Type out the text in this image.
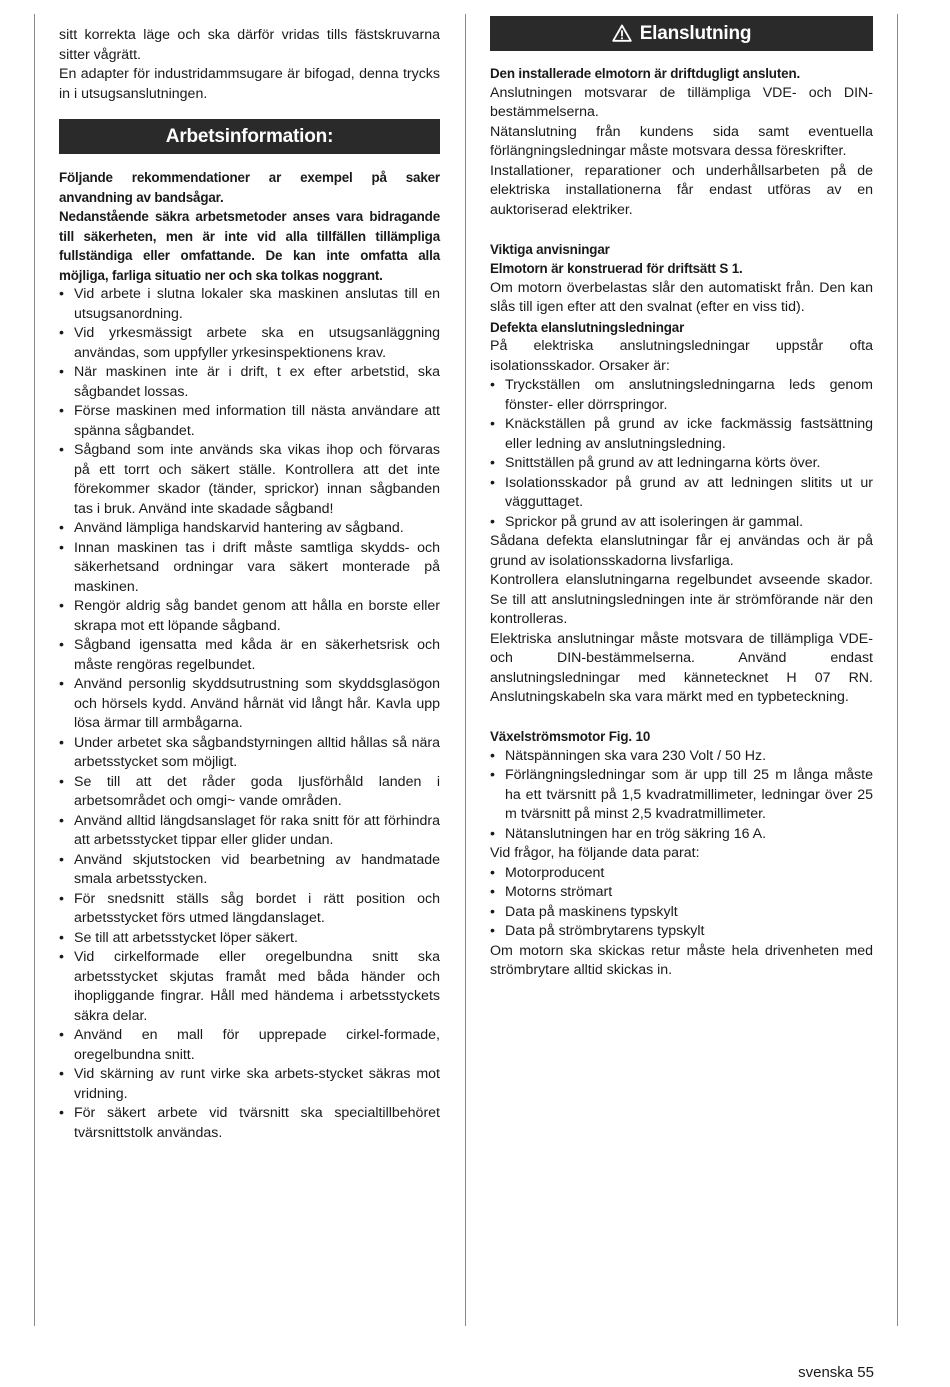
sitt korrekta läge och ska därför vridas tills fästskruvarna sitter vågrätt.

En adapter för industridammsugare är bifogad, denna trycks in i utsugsanslutningen.

Arbetsinformation:

Följande rekommendationer ar exempel på saker anvandning av bandsågar.

Nedanstående säkra arbetsmetoder anses vara bidragande till säkerheten, men är inte vid alla tillfällen tillämpliga fullständiga eller omfattande. De kan inte omfatta alla möjliga, farliga situatio ner och ska tolkas noggrant.

• Vid arbete i slutna lokaler ska maskinen anslutas till en utsugsanordning.
• Vid yrkesmässigt arbete ska en utsugsanläggning användas, som uppfyller yrkesinspektionens krav.
• När maskinen inte är i drift, t ex efter arbetstid, ska sågbandet lossas.
• Förse maskinen med information till nästa användare att spänna sågbandet.
• Sågband som inte används ska vikas ihop och förvaras på ett torrt och säkert ställe. Kontrollera att det inte förekommer skador (tänder, sprickor) innan sågbanden tas i bruk. Använd inte skadade sågband!
• Använd lämpliga handskarvid hantering av sågband.
• Innan maskinen tas i drift måste samtliga skydds- och säkerhetsand ordningar vara säkert monterade på maskinen.
• Rengör aldrig såg bandet genom att hålla en borste eller skrapa mot ett löpande sågband.
• Sågband igensatta med kåda är en säkerhetsrisk och måste rengöras regelbundet.
• Använd personlig skyddsutrustning som skyddsglasögon och hörsels kydd. Använd hårnät vid långt hår. Kavla upp lösa ärmar till armbågarna.
• Under arbetet ska sågbandstyrningen alltid hållas så nära arbetsstycket som möjligt.
• Se till att det råder goda Ijusförhåld landen i arbetsområdet och omgi~ vande områden.
• Använd alltid längdsanslaget för raka snitt för att förhindra att arbetsstycket tippar eller glider undan.
• Använd skjutstocken vid bearbetning av handmatade smala arbetsstycken.
• För snedsnitt ställs såg bordet i rätt position och arbetsstycket förs utmed längdanslaget.
• Se till att arbetsstycket löper säkert.
• Vid cirkelformade eller oregelbundna snitt ska arbetsstycket skjutas framåt med båda händer och ihopliggande fingrar. Håll med händema i arbetsstyckets säkra delar.
• Använd en mall för upprepade cirkel-formade, oregelbundna snitt.
• Vid skärning av runt virke ska arbets-stycket säkras mot vridning.
• För säkert arbete vid tvärsnitt ska specialtillbehöret tvärsnittstolk användas.
Elanslutning

Den installerade elmotorn är driftdugligt ansluten.

Anslutningen motsvarar de tillämpliga VDE- och DIN-bestämmelserna.

Nätanslutning från kundens sida samt eventuella förlängningsledningar måste motsvara dessa föreskrifter.

Installationer, reparationer och underhållsarbeten på de elektriska installationerna får endast utföras av en auktoriserad elektriker.

Viktiga anvisningar

Elmotorn är konstruerad för driftsätt S 1.

Om motorn överbelastas slår den automatiskt från. Den kan slås till igen efter att den svalnat (efter en viss tid).

Defekta elanslutningsledningar

På elektriska anslutningsledningar uppstår ofta isolationsskador. Orsaker är:

• Tryckställen om anslutningsledningarna leds genom fönster- eller dörrspringor.
• Knäckställen på grund av icke fackmässig fastsättning eller ledning av anslutningsledning.
• Snittställen på grund av att ledningarna körts över.
• Isolationsskador på grund av att ledningen slitits ut ur vägguttaget.
• Sprickor på grund av att isoleringen är gammal.

Sådana defekta elanslutningar får ej användas och är på grund av isolationsskadorna livsfarliga.

Kontrollera elanslutningarna regelbundet avseende skador. Se till att anslutningsledningen inte är strömförande när den kontrolleras.

Elektriska anslutningar måste motsvara de tillämpliga VDE- och DIN-bestämmelserna. Använd endast anslutningsledningar med kännetecknet H 07 RN. Anslutningskabeln ska vara märkt med en typbeteckning.

Växelströmsmotor Fig. 10

• Nätspänningen ska vara 230 Volt / 50 Hz.
• Förlängningsledningar som är upp till 25 m långa måste ha ett tvärsnitt på 1,5 kvadratmillimeter, ledningar över 25 m tvärsnitt på minst 2,5 kvadratmillimeter.
• Nätanslutningen har en trög säkring 16 A.

Vid frågor, ha följande data parat:

• Motorproducent
• Motorns strömart
• Data på maskinens typskylt
• Data på strömbrytarens typskylt

Om motorn ska skickas retur måste hela drivenheten med strömbrytare alltid skickas in.

svenska 55
